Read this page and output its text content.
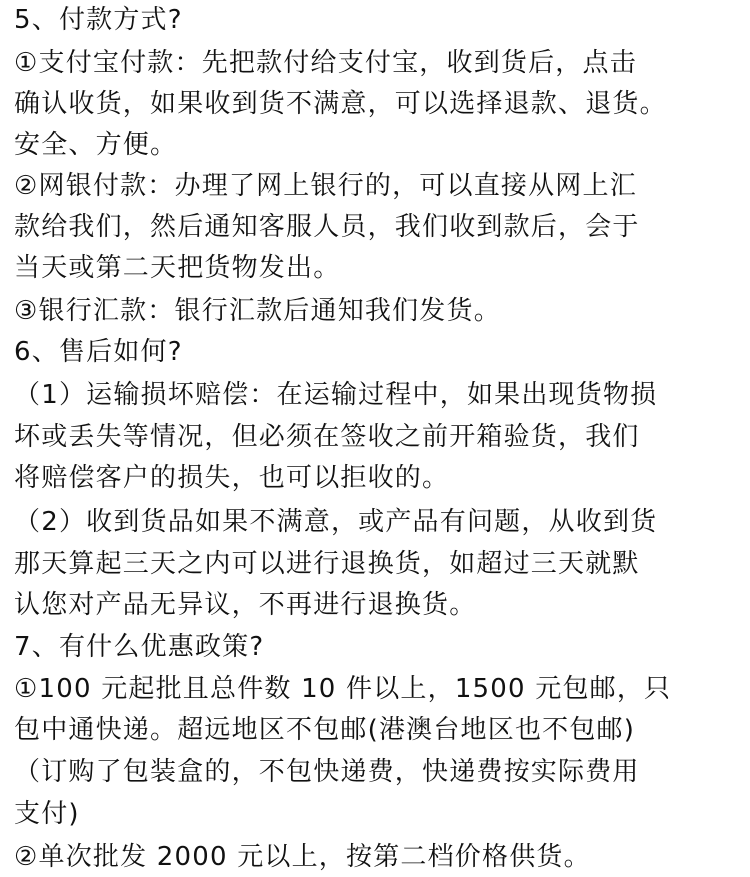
5、付款方式?
①支付宝付款：先把款付给支付宝，收到货后，点击
确认收货，如果收到货不满意，可以选择退款、退货。
安全、方便。
②网银付款：办理了网上银行的，可以直接从网上汇
款给我们，然后通知客服人员，我们收到款后，会于
当天或第二天把货物发出。
③银行汇款：银行汇款后通知我们发货。
6、售后如何?
（1）运输损坏赔偿：在运输过程中，如果出现货物损
坏或丢失等情况，但必须在签收之前开箱验货，我们
将赔偿客户的损失，也可以拒收的。
（2）收到货品如果不满意，或产品有问题，从收到货
那天算起三天之内可以进行退换货，如超过三天就默
认您对产品无异议，不再进行退换货。
7、有什么优惠政策?
①100 元起批且总件数 10 件以上，1500 元包邮，只
包中通快递。超远地区不包邮(港澳台地区也不包邮)
（订购了包装盒的，不包快递费，快递费按实际费用
支付)
②单次批发 2000 元以上，按第二档价格供货。
